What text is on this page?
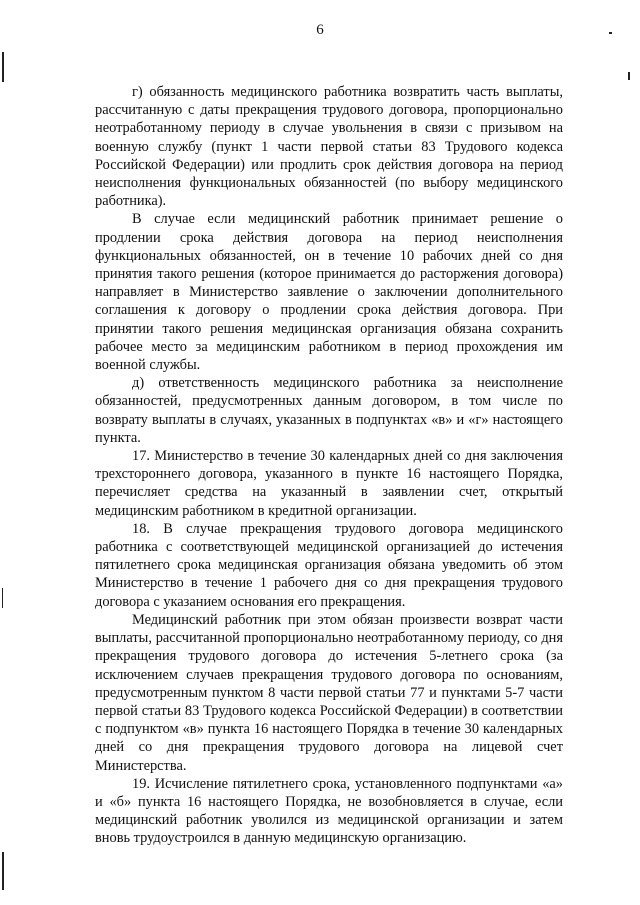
6

г) обязанность медицинского работника возвратить часть выплаты, рассчитанную с даты прекращения трудового договора, пропорционально неотработанному периоду в случае увольнения в связи с призывом на военную службу (пункт 1 части первой статьи 83 Трудового кодекса Российской Федерации) или продлить срок действия договора на период неисполнения функциональных обязанностей (по выбору медицинского работника).

В случае если медицинский работник принимает решение о продлении срока действия договора на период неисполнения функциональных обязанностей, он в течение 10 рабочих дней со дня принятия такого решения (которое принимается до расторжения договора) направляет в Министерство заявление о заключении дополнительного соглашения к договору о продлении срока действия договора. При принятии такого решения медицинская организация обязана сохранить рабочее место за медицинским работником в период прохождения им военной службы.

д) ответственность медицинского работника за неисполнение обязанностей, предусмотренных данным договором, в том числе по возврату выплаты в случаях, указанных в подпунктах «в» и «г» настоящего пункта.

17. Министерство в течение 30 календарных дней со дня заключения трехстороннего договора, указанного в пункте 16 настоящего Порядка, перечисляет средства на указанный в заявлении счет, открытый медицинским работником в кредитной организации.

18. В случае прекращения трудового договора медицинского работника с соответствующей медицинской организацией до истечения пятилетнего срока медицинская организация обязана уведомить об этом Министерство в течение 1 рабочего дня со дня прекращения трудового договора с указанием основания его прекращения.

Медицинский работник при этом обязан произвести возврат части выплаты, рассчитанной пропорционально неотработанному периоду, со дня прекращения трудового договора до истечения 5-летнего срока (за исключением случаев прекращения трудового договора по основаниям, предусмотренным пунктом 8 части первой статьи 77 и пунктами 5-7 части первой статьи 83 Трудового кодекса Российской Федерации) в соответствии с подпунктом «в» пункта 16 настоящего Порядка в течение 30 календарных дней со дня прекращения трудового договора на лицевой счет Министерства.

19. Исчисление пятилетнего срока, установленного подпунктами «а» и «б» пункта 16 настоящего Порядка, не возобновляется в случае, если медицинский работник уволился из медицинской организации и затем вновь трудоустроился в данную медицинскую организацию.
